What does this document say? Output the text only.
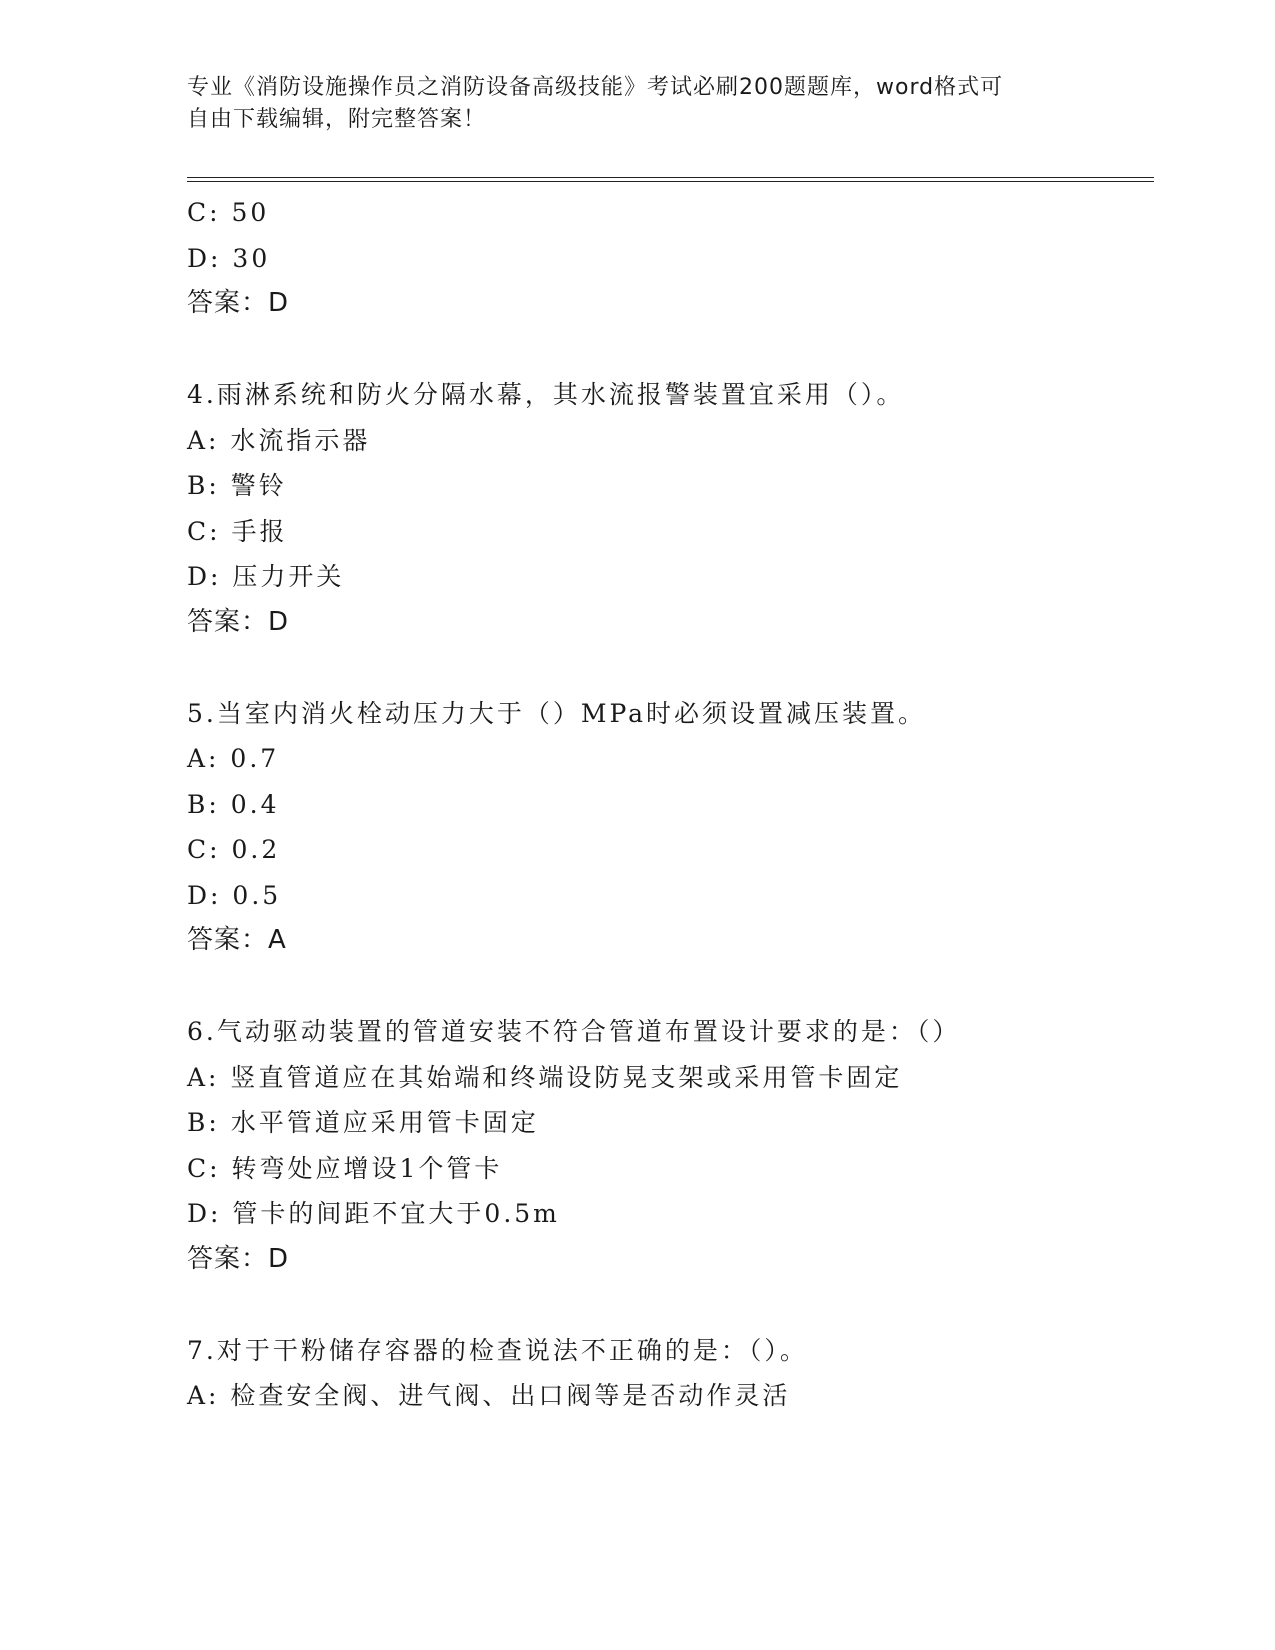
专业《消防设施操作员之消防设备高级技能》考试必刷200题题库，word格式可
自由下载编辑，附完整答案！
C: 50
D: 30
答案：D
4.雨淋系统和防火分隔水幕，其水流报警装置宜采用（）。
A: 水流指示器
B: 警铃
C: 手报
D: 压力开关
答案：D
5.当室内消火栓动压力大于（）MPa时必须设置减压装置。
A: 0.7
B: 0.4
C: 0.2
D: 0.5
答案：A
6.气动驱动装置的管道安装不符合管道布置设计要求的是：（）
A: 竖直管道应在其始端和终端设防晃支架或采用管卡固定
B: 水平管道应采用管卡固定
C: 转弯处应增设1个管卡
D: 管卡的间距不宜大于0.5m
答案：D
7.对于干粉储存容器的检查说法不正确的是：（）。
A: 检查安全阀、进气阀、出口阀等是否动作灵活
